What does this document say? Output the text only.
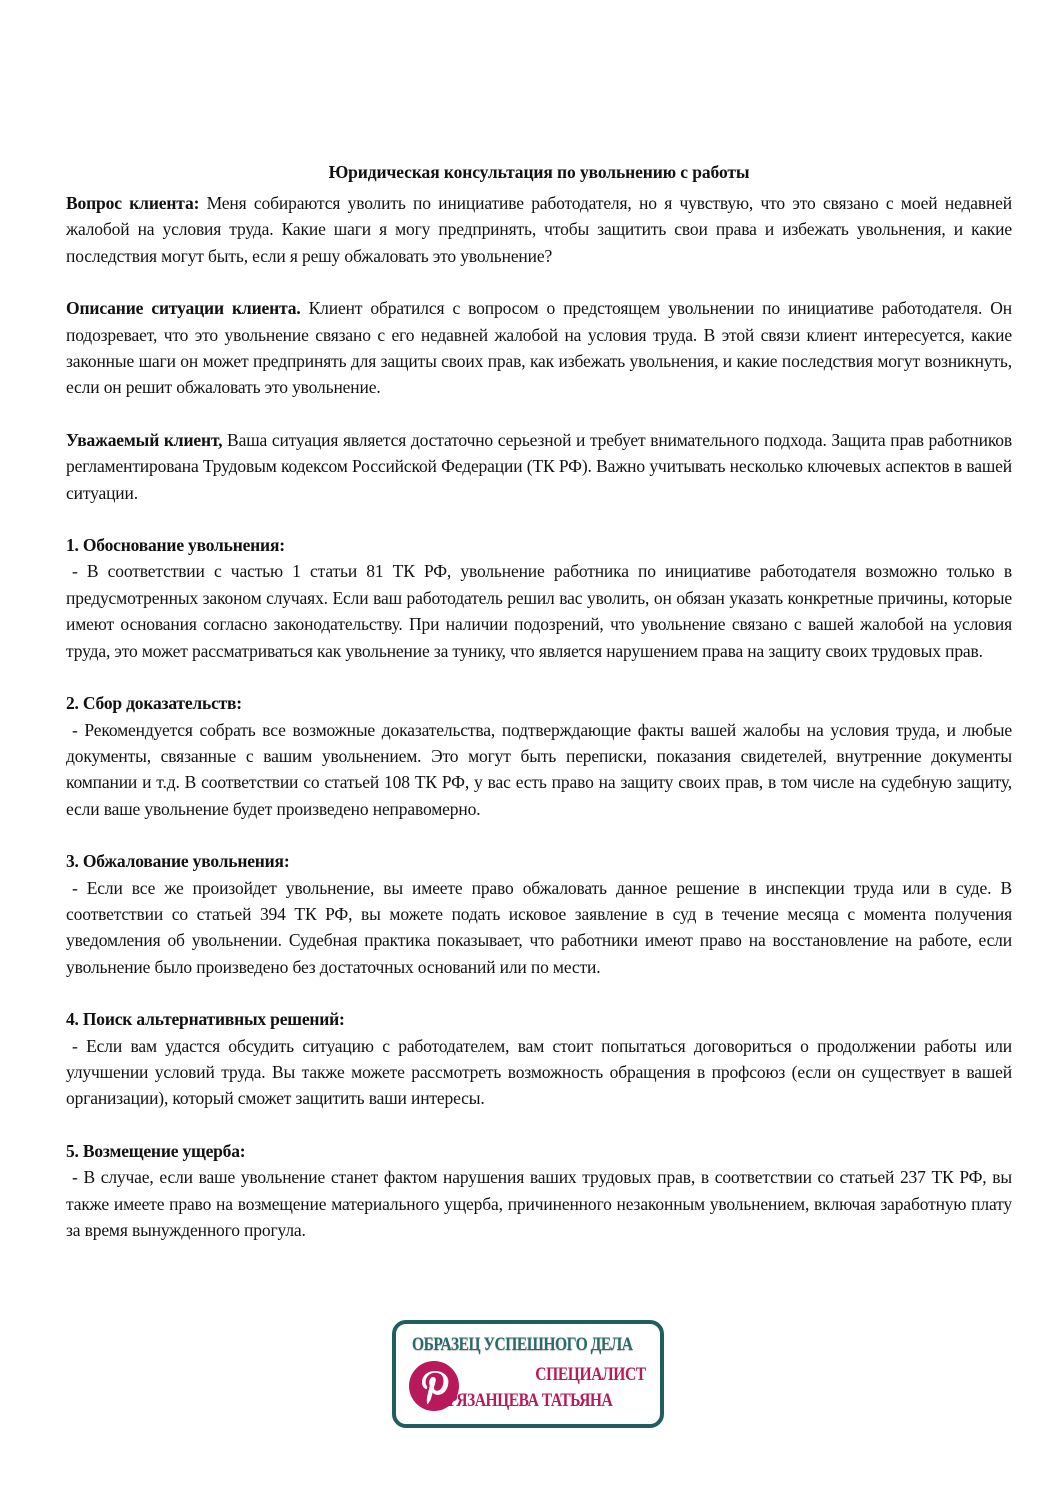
Юридическая консультация по увольнению с работы

Вопрос клиента: Меня собираются уволить по инициативе работодателя, но я чувствую, что это связано с моей недавней жалобой на условия труда. Какие шаги я могу предпринять, чтобы защитить свои права и избежать увольнения, и какие последствия могут быть, если я решу обжаловать это увольнение?

Описание ситуации клиента. Клиент обратился с вопросом о предстоящем увольнении по инициативе работодателя. Он подозревает, что это увольнение связано с его недавней жалобой на условия труда. В этой связи клиент интересуется, какие законные шаги он может предпринять для защиты своих прав, как избежать увольнения, и какие последствия могут возникнуть, если он решит обжаловать это увольнение.

Уважаемый клиент, Ваша ситуация является достаточно серьезной и требует внимательного подхода. Защита прав работников регламентирована Трудовым кодексом Российской Федерации (ТК РФ). Важно учитывать несколько ключевых аспектов в вашей ситуации.

1. Обоснование увольнения:

- В соответствии с частью 1 статьи 81 ТК РФ, увольнение работника по инициативе работодателя возможно только в предусмотренных законом случаях. Если ваш работодатель решил вас уволить, он обязан указать конкретные причины, которые имеют основания согласно законодательству. При наличии подозрений, что увольнение связано с вашей жалобой на условия труда, это может рассматриваться как увольнение за тунику, что является нарушением права на защиту своих трудовых прав.

2. Сбор доказательств:

- Рекомендуется собрать все возможные доказательства, подтверждающие факты вашей жалобы на условия труда, и любые документы, связанные с вашим увольнением. Это могут быть переписки, показания свидетелей, внутренние документы компании и т.д. В соответствии со статьей 108 ТК РФ, у вас есть право на защиту своих прав, в том числе на судебную защиту, если ваше увольнение будет произведено неправомерно.

3. Обжалование увольнения:

- Если все же произойдет увольнение, вы имеете право обжаловать данное решение в инспекции труда или в суде. В соответствии со статьей 394 ТК РФ, вы можете подать исковое заявление в суд в течение месяца с момента получения уведомления об увольнении. Судебная практика показывает, что работники имеют право на восстановление на работе, если увольнение было произведено без достаточных оснований или по мести.

4. Поиск альтернативных решений:

- Если вам удастся обсудить ситуацию с работодателем, вам стоит попытаться договориться о продолжении работы или улучшении условий труда. Вы также можете рассмотреть возможность обращения в профсоюз (если он существует в вашей организации), который сможет защитить ваши интересы.

5. Возмещение ущерба:

- В случае, если ваше увольнение станет фактом нарушения ваших трудовых прав, в соответствии со статьей 237 ТК РФ, вы также имеете право на возмещение материального ущерба, причиненного незаконным увольнением, включая заработную плату за время вынужденного прогула.

ОБРАЗЕЦ УСПЕШНОГО ДЕЛА
СПЕЦИАЛИСТ
РЯЗАНЦЕВА ТАТЬЯНА
